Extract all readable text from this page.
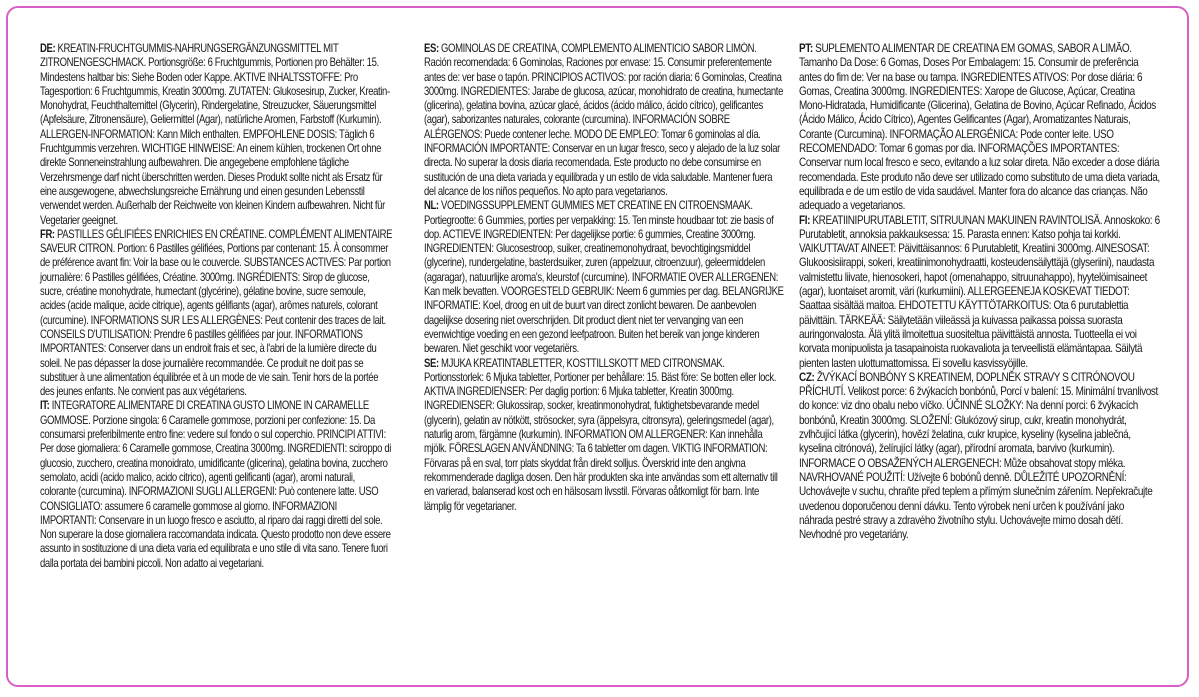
DE: KREATIN-FRUCHTGUMMIS-NAHRUNGSERGÄNZUNGSMITTEL MIT ZITRONENGESCHMACK. Portionsgröße: 6 Fruchtgummis, Portionen pro Behälter: 15. Mindestens haltbar bis: Siehe Boden oder Kappe. AKTIVE INHALTSSTOFFE: Pro Tagesportion: 6 Fruchtgummis, Kreatin 3000mg. ZUTATEN: Glukosesirup, Zucker, Kreatin-Monohydrat, Feuchthaltemittel (Glycerin), Rindergelatine, Streuzucker, Säuerungsmittel (Apfelsäure, Zitronensäure), Geliermittel (Agar), natürliche Aromen, Farbstoff (Kurkumin). ALLERGEN-INFORMATION: Kann Milch enthalten. EMPFOHLENE DOSIS: Täglich 6 Fruchtgummis verzehren. WICHTIGE HINWEISE: An einem kühlen, trockenen Ort ohne direkte Sonneneinstrahlung aufbewahren. Die angegebene empfohlene tägliche Verzehrsmenge darf nicht überschritten werden. Dieses Produkt sollte nicht als Ersatz für eine ausgewogene, abwechslungsreiche Ernährung und einen gesunden Lebensstil verwendet werden. Außerhalb der Reichweite von kleinen Kindern aufbewahren. Nicht für Vegetarier geeignet.

FR: PASTILLES GÉLIFIÉES ENRICHIES EN CRÉATINE. COMPLÉMENT ALIMENTAIRE SAVEUR CITRON. Portion: 6 Pastilles gélifiées, Portions par contenant: 15. À consommer de préférence avant fin: Voir la base ou le couvercle. SUBSTANCES ACTIVES: Par portion journalière: 6 Pastilles gélifiées, Créatine. 3000mg. INGRÉDIENTS: Sirop de glucose, sucre, créatine monohydrate, humectant (glycérine), gélatine bovine, sucre semoule, acides (acide malique, acide citrique), agents gélifiants (agar), arômes naturels, colorant (curcumine). INFORMATIONS SUR LES ALLERGÈNES: Peut contenir des traces de lait. CONSEILS D'UTILISATION: Prendre 6 pastilles gélifiées par jour. INFORMATIONS IMPORTANTES: Conserver dans un endroit frais et sec, à l'abri de la lumière directe du soleil. Ne pas dépasser la dose journalière recommandée. Ce produit ne doit pas se substituer à une alimentation équilibrée et à un mode de vie sain. Tenir hors de la portée des jeunes enfants. Ne convient pas aux végétariens.

IT: INTEGRATORE ALIMENTARE DI CREATINA GUSTO LIMONE IN CARAMELLE GOMMOSE. Porzione singola: 6 Caramelle gommose, porzioni per confezione: 15. Da consumarsi preferibilmente entro fine: vedere sul fondo o sul coperchio. PRINCIPI ATTIVI: Per dose giornaliera: 6 Caramelle gommose, Creatina 3000mg. INGREDIENTI: sciroppo di glucosio, zucchero, creatina monoidrato, umidificante (glicerina), gelatina bovina, zucchero semolato, acidi (acido malico, acido citrico), agenti gelificanti (agar), aromi naturali, colorante (curcumina). INFORMAZIONI SUGLI ALLERGENI: Può contenere latte. USO CONSIGLIATO: assumere 6 caramelle gommose al giorno. INFORMAZIONI IMPORTANTI: Conservare in un luogo fresco e asciutto, al riparo dai raggi diretti del sole. Non superare la dose giornaliera raccomandata indicata. Questo prodotto non deve essere assunto in sostituzione di una dieta varia ed equilibrata e uno stile di vita sano. Tenere fuori dalla portata dei bambini piccoli. Non adatto ai vegetariani.

ES: GOMINOLAS DE CREATINA, COMPLEMENTO ALIMENTICIO SABOR LIMÓN. Ración recomendada: 6 Gominolas, Raciones por envase: 15. Consumir preferentemente antes de: ver base o tapón. PRINCIPIOS ACTIVOS: por ración diaria: 6 Gominolas, Creatina 3000mg. INGREDIENTES: Jarabe de glucosa, azúcar, monohidrato de creatina, humectante (glicerina), gelatina bovina, azúcar glacé, ácidos (ácido málico, ácido cítrico), gelificantes (agar), saborizantes naturales, colorante (curcumina). INFORMACIÓN SOBRE ALÉRGENOS: Puede contener leche. MODO DE EMPLEO: Tomar 6 gominolas al día. INFORMACIÓN IMPORTANTE: Conservar en un lugar fresco, seco y alejado de la luz solar directa. No superar la dosis diaria recomendada. Este producto no debe consumirse en sustitución de una dieta variada y equilibrada y un estilo de vida saludable. Mantener fuera del alcance de los niños pequeños. No apto para vegetarianos.

NL: VOEDINGSSUPPLEMENT GUMMIES MET CREATINE EN CITROENSMAAK. Portiegrootte: 6 Gummies, porties per verpakking: 15. Ten minste houdbaar tot: zie basis of dop. ACTIEVE INGREDIENTEN: Per dagelijkse portie: 6 gummies, Creatine 3000mg. INGREDIENTEN: Glucosestroop, suiker, creatinemonohydraat, bevochtigingsmiddel (glycerine), rundergelatine, basterdsuiker, zuren (appelzuur, citroenzuur), geleermiddelen (agaragar), natuurlijke aroma's, kleurstof (curcumine). INFORMATIE OVER ALLERGENEN: Kan melk bevatten. VOORGESTELD GEBRUIK: Neem 6 gummies per dag. BELANGRIJKE INFORMATIE: Koel, droog en uit de buurt van direct zonlicht bewaren. De aanbevolen dagelijkse dosering niet overschrijden. Dit product dient niet ter vervanging van een evenwichtige voeding en een gezond leefpatroon. Buiten het bereik van jonge kinderen bewaren. Niet geschikt voor vegetariërs.

SE: MJUKA KREATINTABLETTER, KOSTTILLSKOTT MED CITRONSMAK. Portionsstorlek: 6 Mjuka tabletter, Portioner per behållare: 15. Bäst före: Se botten eller lock. AKTIVA INGREDIENSER: Per daglig portion: 6 Mjuka tabletter, Kreatin 3000mg. INGREDIENSER: Glukossirap, socker, kreatinmonohydrat, fuktighetsbevarande medel (glycerin), gelatin av nötkött, strösocker, syra (äppelsyra, citronsyra), geleringsmedel (agar), naturlig arom, färgämne (kurkumin). INFORMATION OM ALLERGENER: Kan innehålla mjölk. FÖRESLAGEN ANVÄNDNING: Ta 6 tabletter om dagen. VIKTIG INFORMATION: Förvaras på en sval, torr plats skyddat från direkt solljus. Överskrid inte den angivna rekommenderade dagliga dosen. Den här produkten ska inte användas som ett alternativ till en varierad, balanserad kost och en hälsosam livsstil. Förvaras oåtkomligt för barn. Inte lämplig för vegetarianer.

PT: SUPLEMENTO ALIMENTAR DE CREATINA EM GOMAS, SABOR A LIMÃO. Tamanho Da Dose: 6 Gomas, Doses Por Embalagem: 15. Consumir de preferência antes do fim de: Ver na base ou tampa. INGREDIENTES ATIVOS: Por dose diária: 6 Gomas, Creatina 3000mg. INGREDIENTES: Xarope de Glucose, Açúcar, Creatina Mono-Hidratada, Humidificante (Glicerina), Gelatina de Bovino, Açúcar Refinado, Ácidos (Ácido Málico, Ácido Cítrico), Agentes Gelificantes (Agar), Aromatizantes Naturais, Corante (Curcumina). INFORMAÇÃO ALERGÉNICA: Pode conter leite. USO RECOMENDADO: Tomar 6 gomas por dia. INFORMAÇÕES IMPORTANTES: Conservar num local fresco e seco, evitando a luz solar direta. Não exceder a dose diária recomendada. Este produto não deve ser utilizado como substituto de uma dieta variada, equilibrada e de um estilo de vida saudável. Manter fora do alcance das crianças. Não adequado a vegetarianos.

FI: KREATIINIPURUTABLETIT, SITRUUNAN MAKUINEN RAVINTOLISÄ. Annoskoko: 6 Purutabletit, annoksia pakkauksessa: 15. Parasta ennen: Katso pohja tai korkki. VAIKUTTAVAT AINEET: Päivittäisannos: 6 Purutabletit, Kreatiini 3000mg. AINESOSAT: Glukoosisiirappi, sokeri, kreatiinimonohydraatti, kosteudensäilyttäjä (glyseriini), naudasta valmistettu liivate, hienosokeri, hapot (omenahappo, sitruunahappo), hyytelöimisaineet (agar), luontaiset aromit, väri (kurkumiini). ALLERGEENEJA KOSKEVAT TIEDOT: Saattaa sisältää maitoa. EHDOTETTU KÄYTTÖTARKOITUS: Ota 6 purutablettia päivittäin. TÄRKEÄÄ: Säilytetään viileässä ja kuivassa paikassa poissa suorasta auringonvalosta. Älä ylitä ilmoitettua suositeltua päivittäistä annosta. Tuotteella ei voi korvata monipuolista ja tasapainoista ruokavaliota ja terveellistä elämäntapaa. Säilytä pienten lasten ulottumattomissa. Ei sovellu kasvissyöjille.

CZ: ŽVÝKACÍ BONBÓNY S KREATINEM, DOPLNĚK STRAVY S CITRÓNOVOU PŘÍCHUTÍ. Velikost porce: 6 žvýkacích bonbónů, Porcí v balení: 15. Minimální trvanlivost do konce: viz dno obalu nebo víčko. ÚČINNÉ SLOŽKY: Na denní porci: 6 žvýkacích bonbónů, Kreatin 3000mg. SLOŽENÍ: Glukózový sirup, cukr, kreatin monohydrát, zvlhčující látka (glycerin), hovězí želatina, cukr krupice, kyseliny (kyselina jablečná, kyselina citrónová), želírující látky (agar), přírodní aromata, barvivo (kurkumin). INFORMACE O OBSAŽENÝCH ALERGENECH: Může obsahovat stopy mléka. NAVRHOVANÉ POUŽITÍ: Užívejte 6 bobónů denně. DŮLEŽITÉ UPOZORNĚNÍ: Uchovávejte v suchu, chraňte před teplem a přímým slunečním zářením. Nepřekračujte uvedenou doporučenou denní dávku. Tento výrobek není určen k používání jako náhrada pestré stravy a zdravého životního stylu. Uchovávejte mimo dosah dětí. Nevhodné pro vegetariány.
